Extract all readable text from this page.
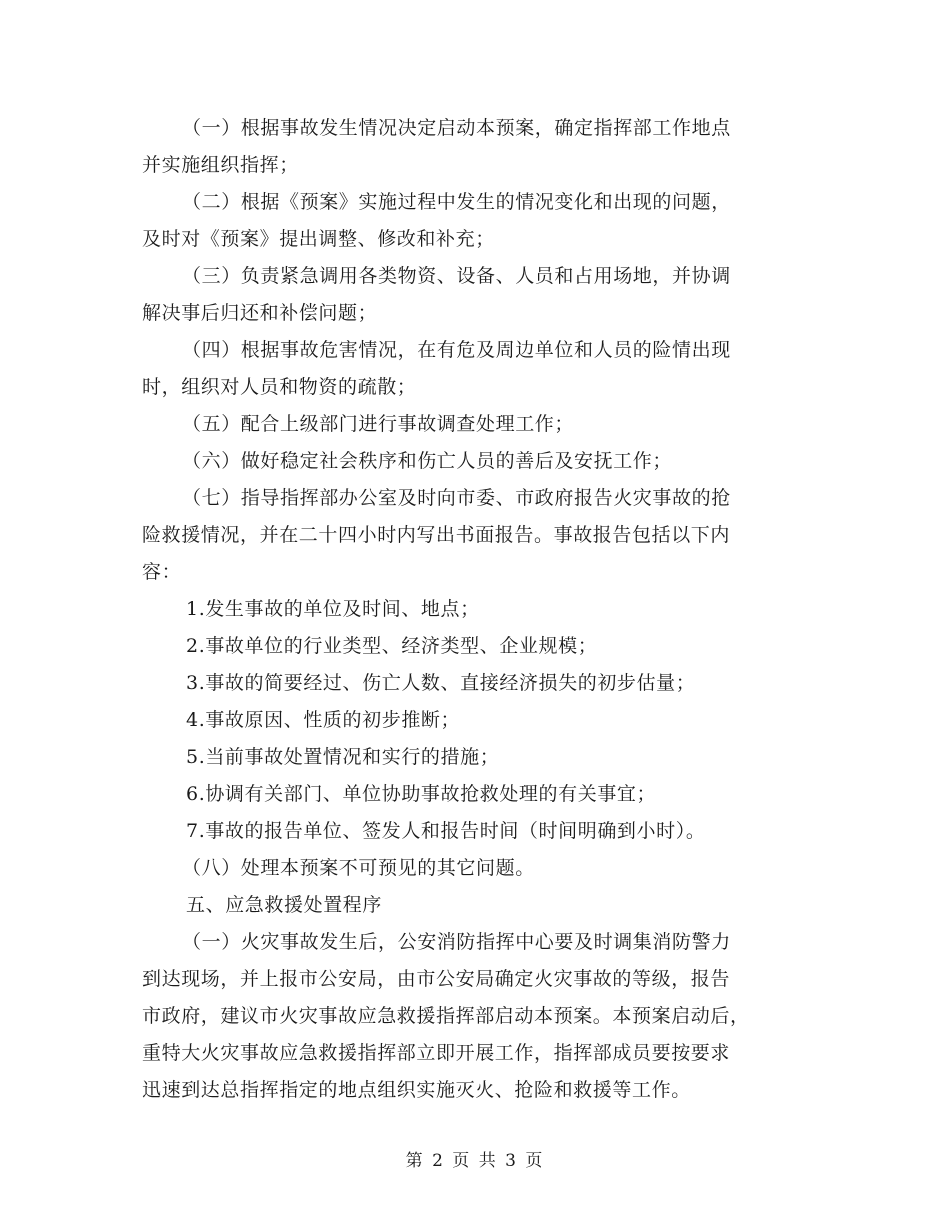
（一）根据事故发生情况决定启动本预案，确定指挥部工作地点
并实施组织指挥；
（二）根据《预案》实施过程中发生的情况变化和出现的问题，
及时对《预案》提出调整、修改和补充；
（三）负责紧急调用各类物资、设备、人员和占用场地，并协调
解决事后归还和补偿问题；
（四）根据事故危害情况，在有危及周边单位和人员的险情出现
时，组织对人员和物资的疏散；
（五）配合上级部门进行事故调查处理工作；
（六）做好稳定社会秩序和伤亡人员的善后及安抚工作；
（七）指导指挥部办公室及时向市委、市政府报告火灾事故的抢
险救援情况，并在二十四小时内写出书面报告。事故报告包括以下内
容：
1.发生事故的单位及时间、地点；
2.事故单位的行业类型、经济类型、企业规模；
3.事故的简要经过、伤亡人数、直接经济损失的初步估量；
4.事故原因、性质的初步推断；
5.当前事故处置情况和实行的措施；
6.协调有关部门、单位协助事故抢救处理的有关事宜；
7.事故的报告单位、签发人和报告时间（时间明确到小时）。
（八）处理本预案不可预见的其它问题。
五、应急救援处置程序
（一）火灾事故发生后，公安消防指挥中心要及时调集消防警力
到达现场，并上报市公安局，由市公安局确定火灾事故的等级，报告
市政府，建议市火灾事故应急救援指挥部启动本预案。本预案启动后，
重特大火灾事故应急救援指挥部立即开展工作，指挥部成员要按要求
迅速到达总指挥指定的地点组织实施灭火、抢险和救援等工作。
第 2 页 共 3 页
